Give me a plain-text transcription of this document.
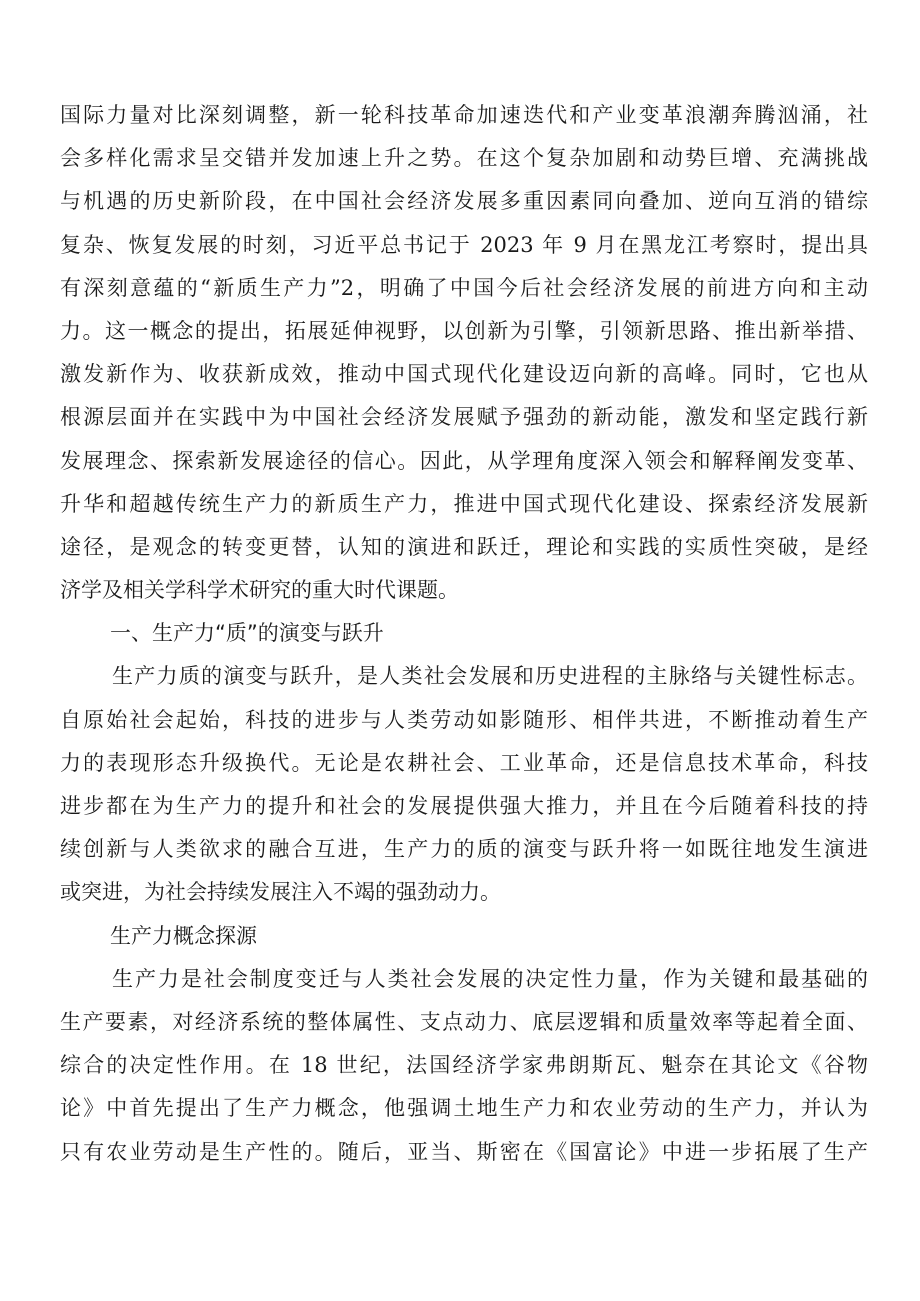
国际力量对比深刻调整，新一轮科技革命加速迭代和产业变革浪潮奔腾汹涌，社
会多样化需求呈交错并发加速上升之势。在这个复杂加剧和动势巨增、充满挑战
与机遇的历史新阶段，在中国社会经济发展多重因素同向叠加、逆向互消的错综
复杂、恢复发展的时刻，习近平总书记于 2023 年 9 月在黑龙江考察时，提出具
有深刻意蕴的“新质生产力”2，明确了中国今后社会经济发展的前进方向和主动
力。这一概念的提出，拓展延伸视野，以创新为引擎，引领新思路、推出新举措、
激发新作为、收获新成效，推动中国式现代化建设迈向新的高峰。同时，它也从
根源层面并在实践中为中国社会经济发展赋予强劲的新动能，激发和坚定践行新
发展理念、探索新发展途径的信心。因此，从学理角度深入领会和解释阐发变革、
升华和超越传统生产力的新质生产力，推进中国式现代化建设、探索经济发展新
途径，是观念的转变更替，认知的演进和跃迁，理论和实践的实质性突破，是经
济学及相关学科学术研究的重大时代课题。
一、生产力“质”的演变与跃升
生产力质的演变与跃升，是人类社会发展和历史进程的主脉络与关键性标志。
自原始社会起始，科技的进步与人类劳动如影随形、相伴共进，不断推动着生产
力的表现形态升级换代。无论是农耕社会、工业革命，还是信息技术革命，科技
进步都在为生产力的提升和社会的发展提供强大推力，并且在今后随着科技的持
续创新与人类欲求的融合互进，生产力的质的演变与跃升将一如既往地发生演进
或突进，为社会持续发展注入不竭的强劲动力。
生产力概念探源
生产力是社会制度变迁与人类社会发展的决定性力量，作为关键和最基础的
生产要素，对经济系统的整体属性、支点动力、底层逻辑和质量效率等起着全面、
综合的决定性作用。在 18 世纪，法国经济学家弗朗斯瓦、魁奈在其论文《谷物
论》中首先提出了生产力概念，他强调土地生产力和农业劳动的生产力，并认为
只有农业劳动是生产性的。随后，亚当、斯密在《国富论》中进一步拓展了生产
